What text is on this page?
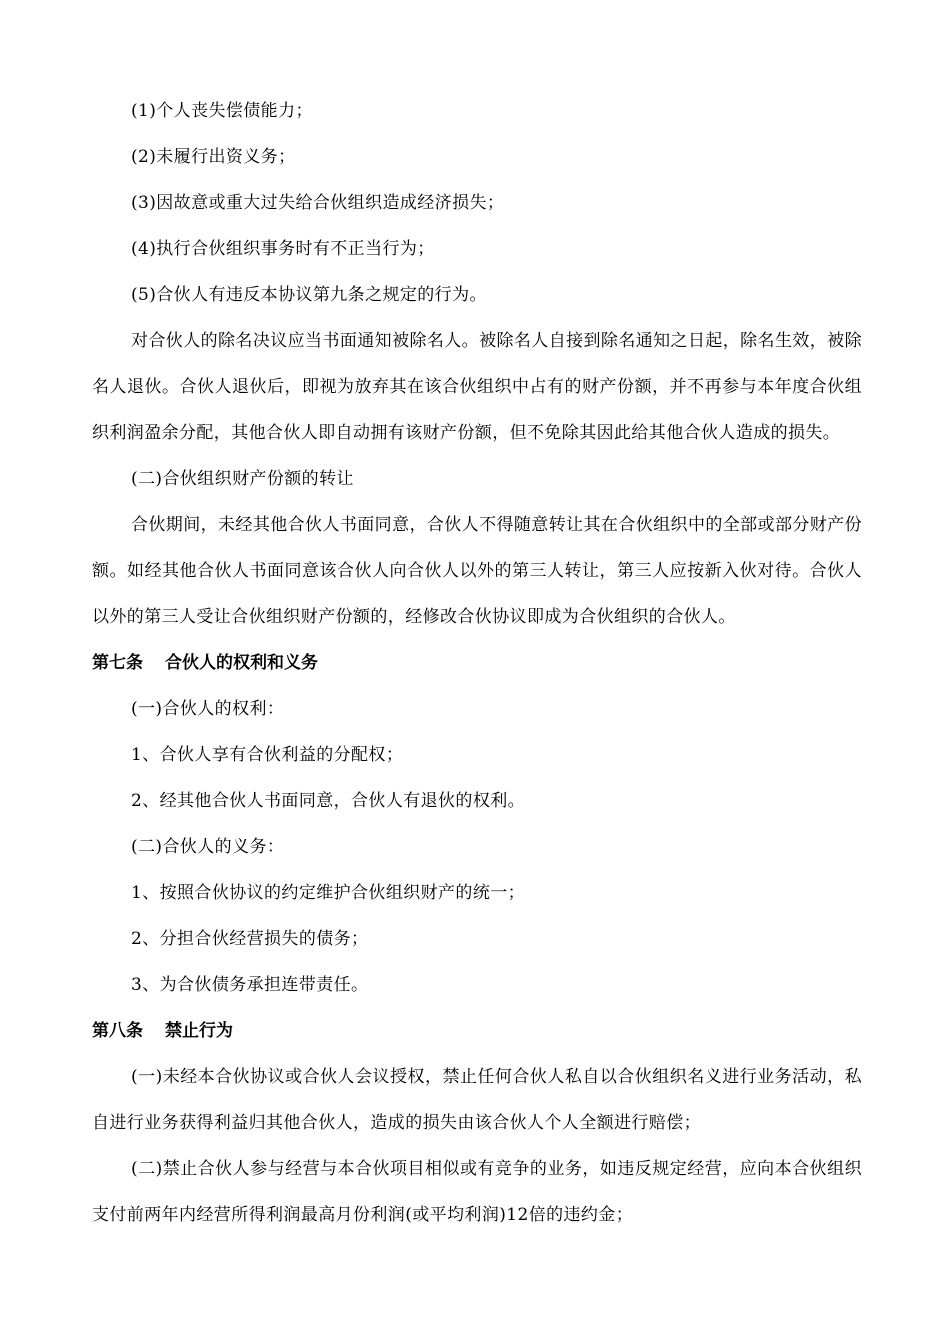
(1)个人丧失偿债能力；
(2)未履行出资义务；
(3)因故意或重大过失给合伙组织造成经济损失；
(4)执行合伙组织事务时有不正当行为；
(5)合伙人有违反本协议第九条之规定的行为。

对合伙人的除名决议应当书面通知被除名人。被除名人自接到除名通知之日起，除名生效，被除名人退伙。合伙人退伙后，即视为放弃其在该合伙组织中占有的财产份额，并不再参与本年度合伙组织利润盈余分配，其他合伙人即自动拥有该财产份额，但不免除其因此给其他合伙人造成的损失。

(二)合伙组织财产份额的转让

合伙期间，未经其他合伙人书面同意，合伙人不得随意转让其在合伙组织中的全部或部分财产份额。如经其他合伙人书面同意该合伙人向合伙人以外的第三人转让，第三人应按新入伙对待。合伙人以外的第三人受让合伙组织财产份额的，经修改合伙协议即成为合伙组织的合伙人。

第七条 合伙人的权利和义务
(一)合伙人的权利：
1、合伙人享有合伙利益的分配权；
2、经其他合伙人书面同意，合伙人有退伙的权利。
(二)合伙人的义务：
1、按照合伙协议的约定维护合伙组织财产的统一；
2、分担合伙经营损失的债务；
3、为合伙债务承担连带责任。
第八条 禁止行为

(一)未经本合伙协议或合伙人会议授权，禁止任何合伙人私自以合伙组织名义进行业务活动，私自进行业务获得利益归其他合伙人，造成的损失由该合伙人个人全额进行赔偿；

(二)禁止合伙人参与经营与本合伙项目相似或有竞争的业务，如违反规定经营，应向本合伙组织支付前两年内经营所得利润最高月份利润(或平均利润)12倍的违约金；
